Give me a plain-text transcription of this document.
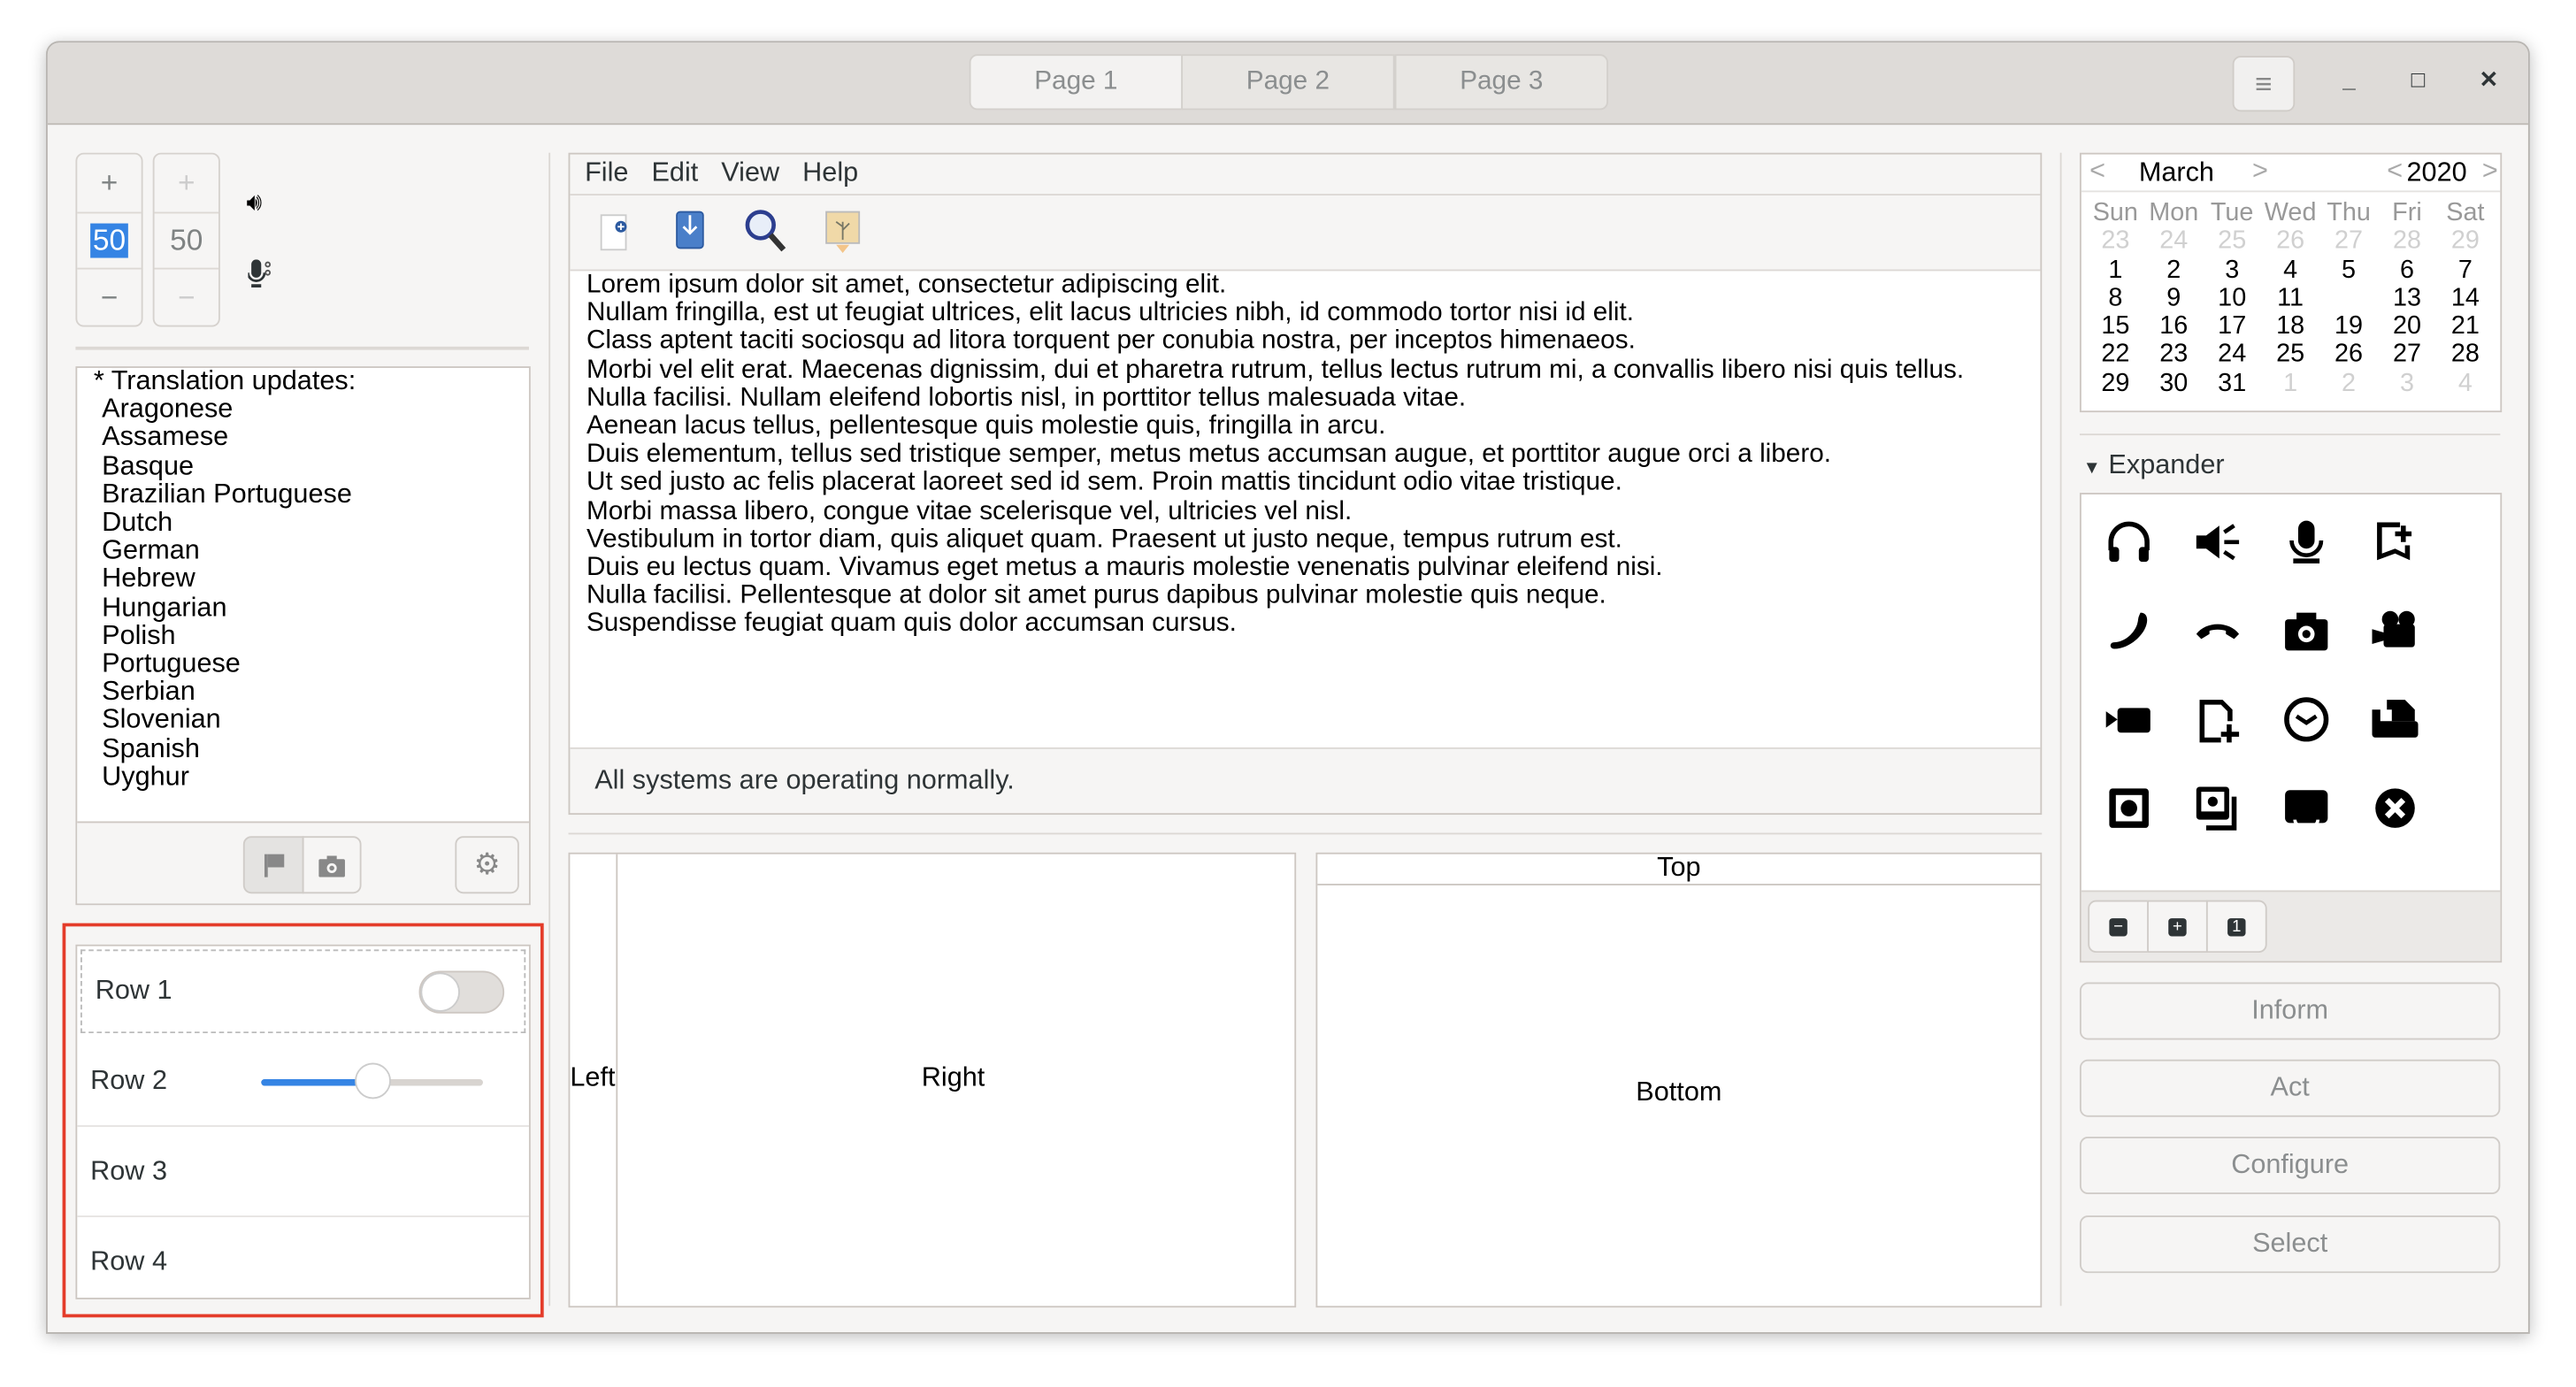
Page 1	Page 2	Page 3	≡	_	□	✕
+
50
−
+
50
−
🔊︎
* Translation updates:
Aragonese
Assamese
Basque
Brazilian Portuguese
Dutch
German
Hebrew
Hungarian
Polish
Portuguese
Serbian
Slovenian
Spanish
Uyghur
⚙
Row 1
Row 2
Row 3
Row 4
File Edit View Help
Lorem ipsum dolor sit amet, consectetur adipiscing elit.
Nullam fringilla, est ut feugiat ultrices, elit lacus ultricies nibh, id commodo tortor nisi id elit.
Class aptent taciti sociosqu ad litora torquent per conubia nostra, per inceptos himenaeos.
Morbi vel elit erat. Maecenas dignissim, dui et pharetra rutrum, tellus lectus rutrum mi, a convallis libero nisi quis tellus.
Nulla facilisi. Nullam eleifend lobortis nisl, in porttitor tellus malesuada vitae.
Aenean lacus tellus, pellentesque quis molestie quis, fringilla in arcu.
Duis elementum, tellus sed tristique semper, metus metus accumsan augue, et porttitor augue orci a libero.
Ut sed justo ac felis placerat laoreet sed id sem. Proin mattis tincidunt odio vitae tristique.
Morbi massa libero, congue vitae scelerisque vel, ultricies vel nisl.
Vestibulum in tortor diam, quis aliquet quam. Praesent ut justo neque, tempus rutrum est.
Duis eu lectus quam. Vivamus eget metus a mauris molestie venenatis pulvinar eleifend nisi.
Nulla facilisi. Pellentesque at dolor sit amet purus dapibus pulvinar molestie quis neque.
Suspendisse feugiat quam quis dolor accumsan cursus.
All systems are operating normally.
Left	Right
Top
Bottom
< March	>	< 2020 >
Sun Mon Tue Wed Thu	Fri	Sat
23	24	25	26	27	28	29
1	2	3	4	5	6	7
8	9	10	11	12	13	14
15	16	17	18	19	20	21
22	23	24	25	26	27	28
29	30	31	1	2	3	4
▼ Expander
−	+	1
Inform
Act
Configure
Select
